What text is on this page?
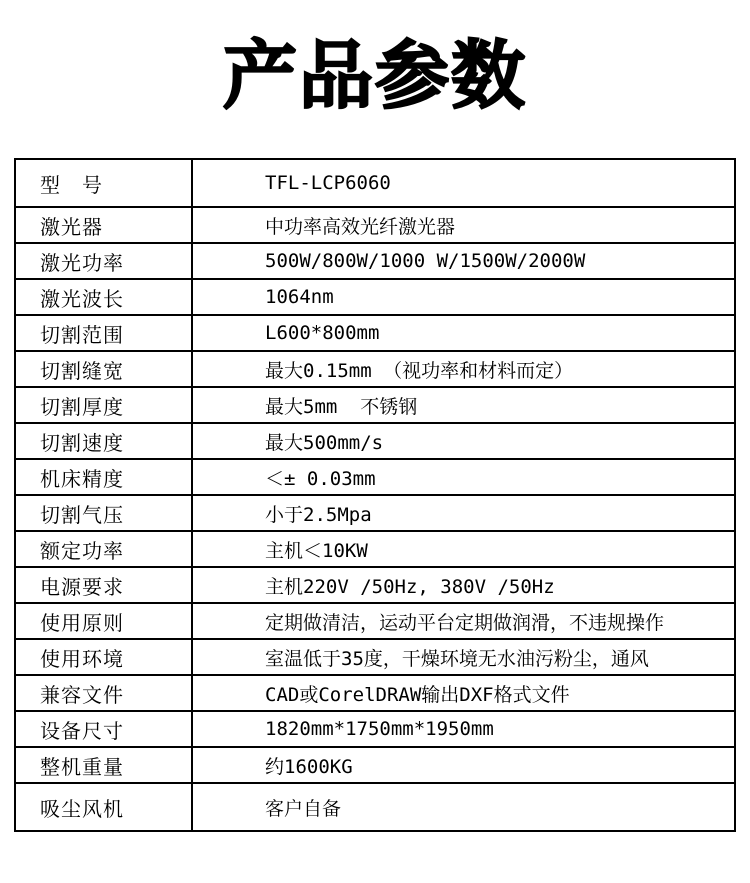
产品参数
型　号	TFL-LCP6060
激光器	中功率高效光纤激光器
激光功率	500W/800W/1000 W/1500W/2000W
激光波长	1064nm
切割范围	L600*800mm
切割缝宽	最大0.15mm （视功率和材料而定）
切割厚度	最大5mm  不锈钢
切割速度	最大500mm/s
机床精度	＜± 0.03mm
切割气压	小于2.5Mpa
额定功率	主机＜10KW
电源要求	主机220V /50Hz, 380V /50Hz
使用原则	定期做清洁，运动平台定期做润滑，不违规操作
使用环境	室温低于35度，干燥环境无水油污粉尘，通风
兼容文件	CAD或CorelDRAW输出DXF格式文件
设备尺寸	1820mm*1750mm*1950mm
整机重量	约1600KG
吸尘风机	客户自备
